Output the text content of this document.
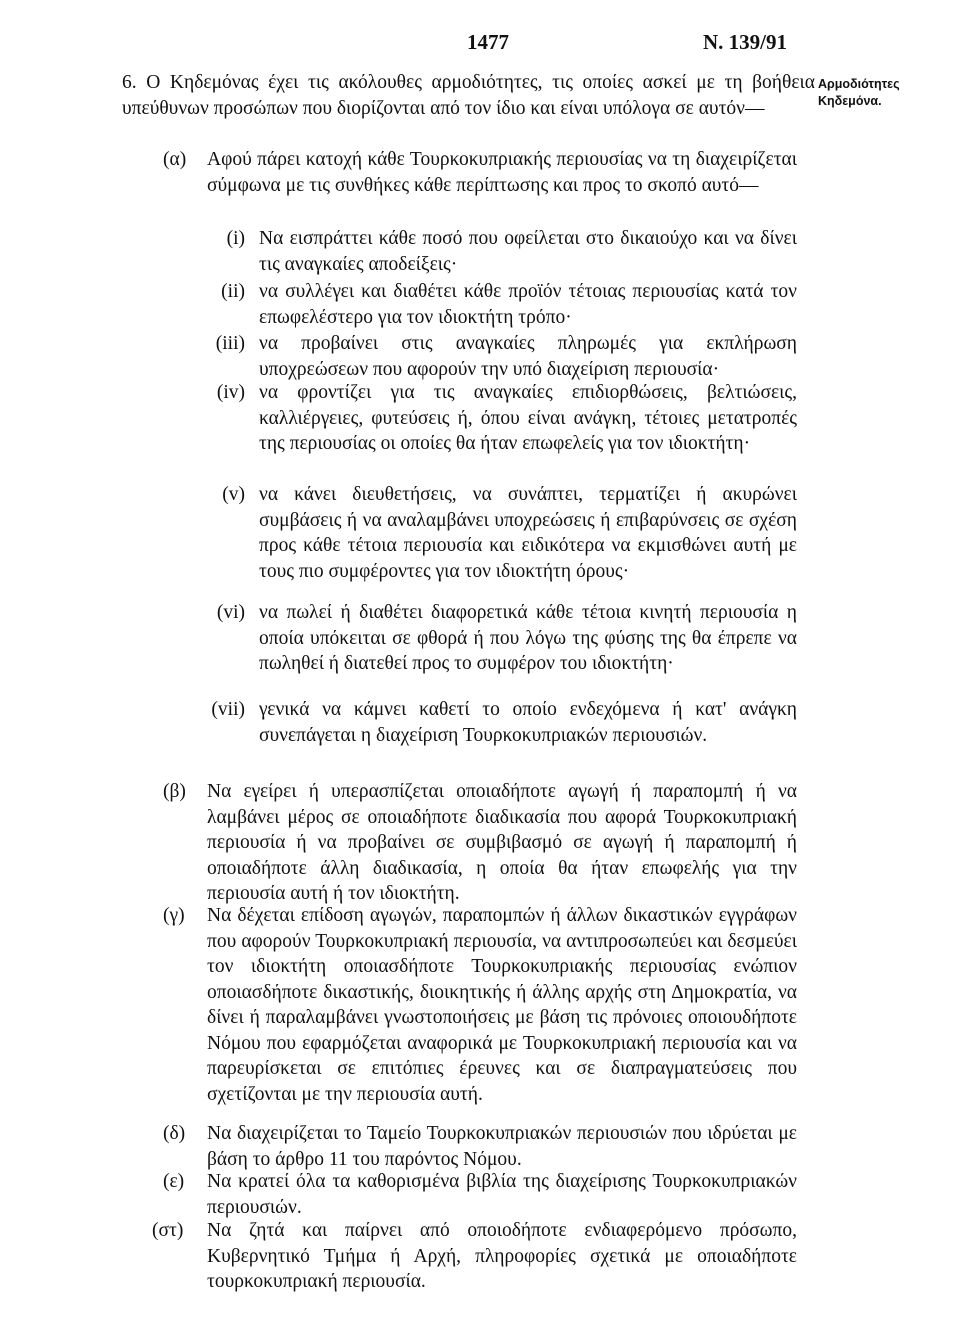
1477	Ν. 139/91
Αρμοδιότητες
Κηδεμόνα.
6. Ο Κηδεμόνας έχει τις ακόλουθες αρμοδιότητες, τις οποίες ασκεί με τη βοήθεια υπεύθυνων προσώπων που διορίζονται από τον ίδιο και είναι υπόλογα σε αυτόν—
(α) Αφού πάρει κατοχή κάθε Τουρκοκυπριακής περιουσίας να τη διαχειρίζεται σύμφωνα με τις συνθήκες κάθε περίπτωσης και προς το σκοπό αυτό—
(i) Να εισπράττει κάθε ποσό που οφείλεται στο δικαιούχο και να δίνει τις αναγκαίες αποδείξεις·
(ii) να συλλέγει και διαθέτει κάθε προϊόν τέτοιας περιουσίας κατά τον επωφελέστερο για τον ιδιοκτήτη τρόπο·
(iii) να προβαίνει στις αναγκαίες πληρωμές για εκπλήρωση υποχρεώσεων που αφορούν την υπό διαχείριση περιουσία·
(iv) να φροντίζει για τις αναγκαίες επιδιορθώσεις, βελτιώσεις, καλλιέργειες, φυτεύσεις ή, όπου είναι ανάγκη, τέτοιες μετατροπές της περιουσίας οι οποίες θα ήταν επωφελείς για τον ιδιοκτήτη·
(v) να κάνει διευθετήσεις, να συνάπτει, τερματίζει ή ακυρώνει συμβάσεις ή να αναλαμβάνει υποχρεώσεις ή επιβαρύνσεις σε σχέση προς κάθε τέτοια περιουσία και ειδικότερα να εκμισθώνει αυτή με τους πιο συμφέροντες για τον ιδιοκτήτη όρους·
(vi) να πωλεί ή διαθέτει διαφορετικά κάθε τέτοια κινητή περιουσία η οποία υπόκειται σε φθορά ή που λόγω της φύσης της θα έπρεπε να πωληθεί ή διατεθεί προς το συμφέρον του ιδιοκτήτη·
(vii) γενικά να κάμνει καθετί το οποίο ενδεχόμενα ή κατ' ανάγκη συνεπάγεται η διαχείριση Τουρκοκυπριακών περιουσιών.
(β) Να εγείρει ή υπερασπίζεται οποιαδήποτε αγωγή ή παραπομπή ή να λαμβάνει μέρος σε οποιαδήποτε διαδικασία που αφορά Τουρκοκυπριακή περιουσία ή να προβαίνει σε συμβιβασμό σε αγωγή ή παραπομπή ή οποιαδήποτε άλλη διαδικασία, η οποία θα ήταν επωφελής για την περιουσία αυτή ή τον ιδιοκτήτη.
(γ) Να δέχεται επίδοση αγωγών, παραπομπών ή άλλων δικαστικών εγγράφων που αφορούν Τουρκοκυπριακή περιουσία, να αντιπροσωπεύει και δεσμεύει τον ιδιοκτήτη οποιασδήποτε Τουρκοκυπριακής περιουσίας ενώπιον οποιασδήποτε δικαστικής, διοικητικής ή άλλης αρχής στη Δημοκρατία, να δίνει ή παραλαμβάνει γνωστοποιήσεις με βάση τις πρόνοιες οποιουδήποτε Νόμου που εφαρμόζεται αναφορικά με Τουρκοκυπριακή περιουσία και να παρευρίσκεται σε επιτόπιες έρευνες και σε διαπραγματεύσεις που σχετίζονται με την περιουσία αυτή.
(δ) Να διαχειρίζεται το Ταμείο Τουρκοκυπριακών περιουσιών που ιδρύεται με βάση το άρθρο 11 του παρόντος Νόμου.
(ε) Να κρατεί όλα τα καθορισμένα βιβλία της διαχείρισης Τουρκοκυπριακών περιουσιών.
(στ) Να ζητά και παίρνει από οποιοδήποτε ενδιαφερόμενο πρόσωπο, Κυβερνητικό Τμήμα ή Αρχή, πληροφορίες σχετικά με οποιαδήποτε τουρκοκυπριακή περιουσία.
